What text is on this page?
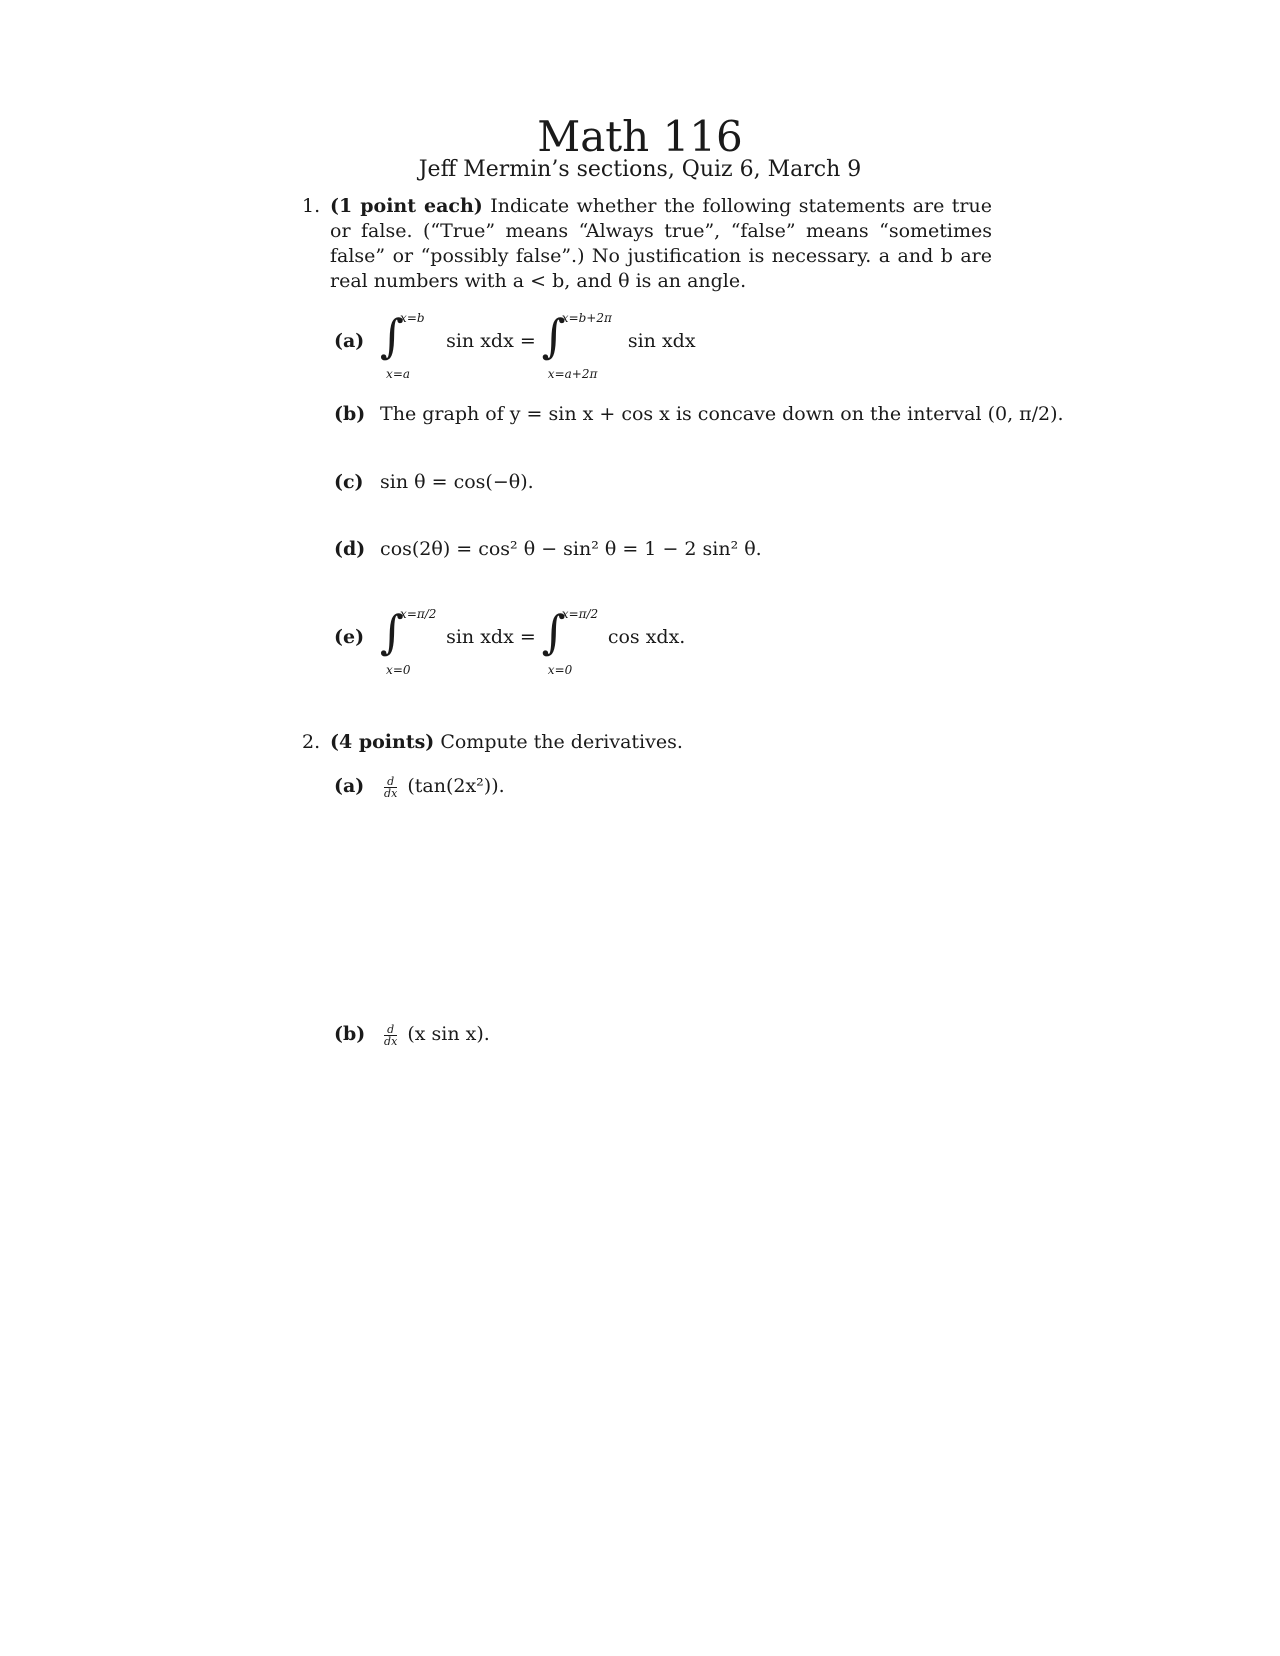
Math 116
Jeff Mermin’s sections, Quiz 6, March 9
1. (1 point each) Indicate whether the following statements are true or false. (“True” means “Always true”, “false” means “sometimes false” or “possibly false”.) No justification is necessary. a and b are real numbers with a < b, and θ is an angle.
(a) ∫
x=b
x=a
sin xdx = ∫
x=b+2π
x=a+2π
sin xdx
(b) The graph of y = sin x + cos x is concave down on the interval (0, π/2).
(c) sin θ = cos(−θ).
(d) cos(2θ) = cos² θ − sin² θ = 1 − 2 sin² θ.
(e) ∫
x=π/2
x=0
sin xdx = ∫
x=π/2
x=0
cos xdx.
2. (4 points) Compute the derivatives.
$(a) \frac{d}{dx} (\tan(2x^2))$.
$(b) \frac{d}{dx} (x$ sin x).
